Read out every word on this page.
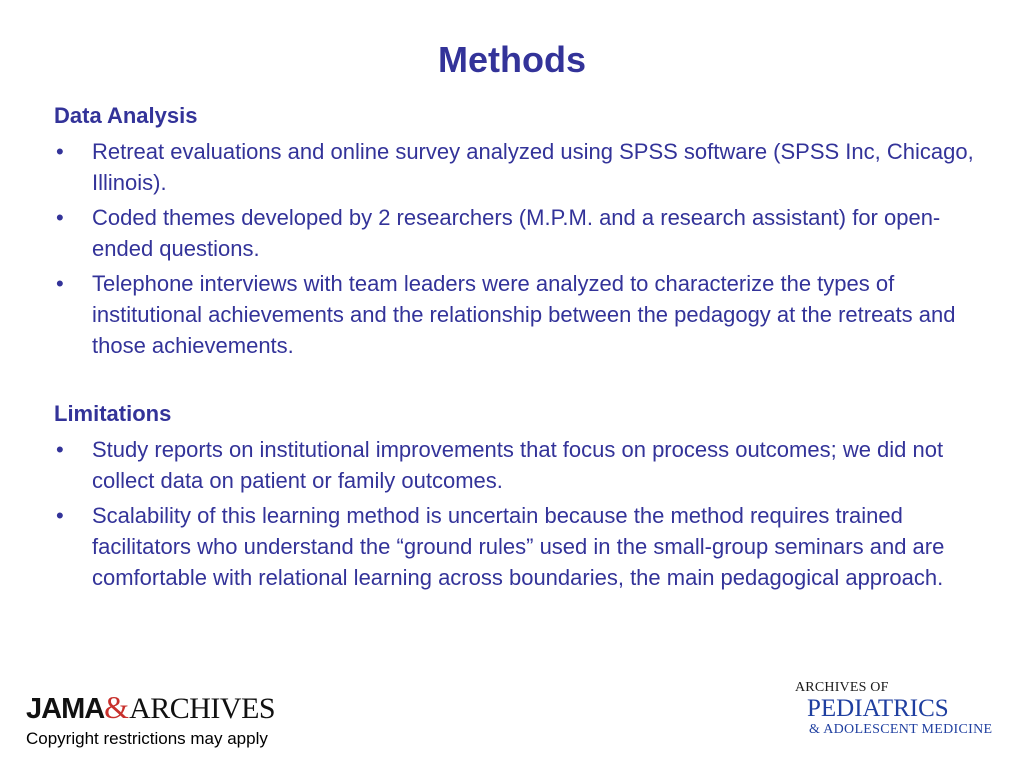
Methods
Data Analysis
• Retreat evaluations and online survey analyzed using SPSS software (SPSS Inc, Chicago, Illinois).
• Coded themes developed by 2 researchers (M.P.M. and a research assistant) for open-ended questions.
• Telephone interviews with team leaders were analyzed to characterize the types of institutional achievements and the relationship between the pedagogy at the retreats and those achievements.
Limitations
• Study reports on institutional improvements that focus on process outcomes; we did not collect data on patient or family outcomes.
• Scalability of this learning method is uncertain because the method requires trained facilitators who understand the “ground rules” used in the small-group seminars and are comfortable with relational learning across boundaries, the main pedagogical approach.
JAMA&ARCHIVES
Copyright restrictions may apply
ARCHIVES OF
PEDIATRICS
& ADOLESCENT MEDICINE
